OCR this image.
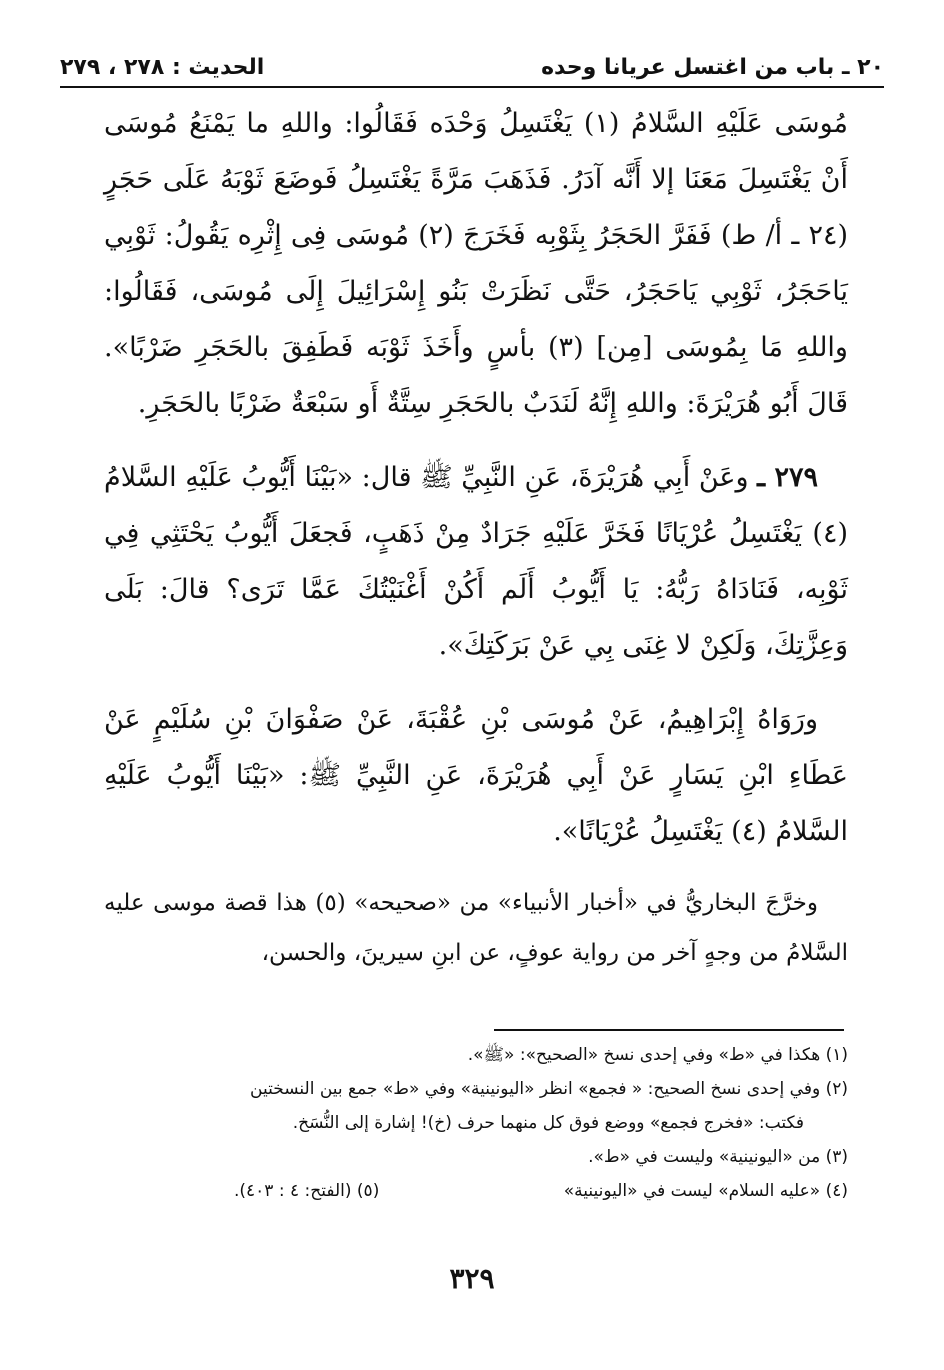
٢٠ ـ باب من اغتسل عريانا وحده
الحديث : ٢٧٨ ، ٢٧٩

مُوسَى عَلَيْهِ السَّلامُ (١) يَغْتَسِلُ وَحْدَه فَقَالُوا: واللهِ ما يَمْنَعُ مُوسَى أَنْ يَغْتَسِلَ مَعَنَا إلا أَنَّه آدَرُ. فَذَهَبَ مَرَّةً يَغْتَسِلُ فَوضَعَ ثَوْبَهُ عَلَى حَجَرٍ (٢٤ ـ أ/ ط) فَفَرَّ الحَجَرُ بِثَوْبِه فَخَرَجَ (٢) مُوسَى فِى إِثْرِه يَقُولُ: ثَوْبِي يَاحَجَرُ، ثَوْبِي يَاحَجَرُ، حَتَّى نَظَرَتْ بَنُو إِسْرَائِيلَ إِلَى مُوسَى، فَقَالُوا: واللهِ مَا بِمُوسَى [مِن] (٣) بأسٍ وأَخَذَ ثَوْبَه فَطَفِقَ بالحَجَرِ ضَرْبًا». قَالَ أَبُو هُرَيْرَةَ: واللهِ إِنَّهُ لَنَدَبٌ بالحَجَرِ سِتَّةٌ أَو سَبْعَةٌ ضَرْبًا بالحَجَرِ.

٢٧٩ ـ وعَنْ أَبِي هُرَيْرَةَ، عَنِ النَّبِيِّ ﷺ قال: «بَيْنَا أَيُّوبُ عَلَيْهِ السَّلامُ (٤) يَغْتَسِلُ عُرْيَانًا فَخَرَّ عَلَيْهِ جَرَادٌ مِنْ ذَهَبٍ، فَجعَلَ أَيُّوبُ يَحْتَثِي فِي ثَوْبِه، فَنَادَاهُ رَبُّهُ: يَا أَيُّوبُ أَلَم أَكُنْ أَغْنَيْتُكَ عَمَّا تَرَى؟ قالَ: بَلَى وَعِزَّتِكَ، وَلَكِنْ لا غِنَى بِي عَنْ بَرَكَتِكَ».

ورَوَاهُ إِبْرَاهِيمُ، عَنْ مُوسَى بْنِ عُقْبَةَ، عَنْ صَفْوَانَ بْنِ سُلَيْمٍ عَنْ عَطَاءِ ابْنِ يَسَارٍ عَنْ أَبِي هُرَيْرَةَ، عَنِ النَّبِيِّ ﷺ: «بَيْنَا أَيُّوبُ عَلَيْهِ السَّلامُ (٤) يَغْتَسِلُ عُرْيَانًا».

وخرَّجَ البخاريُّ في «أخبار الأنبياء» من «صحيحه» (٥) هذا قصة موسى عليه السَّلامُ من وجهٍ آخر من رواية عوفٍ، عن ابنِ سيرينَ، والحسن،

(١) هكذا في «ط» وفي إحدى نسخ «الصحيح»: «ﷺ».

(٢) وفي إحدى نسخ الصحيح: « فجمع» انظر «اليونينية» وفي «ط» جمع بين النسختين

فكتب: «فخرج فجمع» ووضع فوق كل منهما حرف (خ)! إشارة إلى النُّسَخ.

(٣) من «اليونينية» وليست في «ط».

(٤) «عليه السلام» ليست في «اليونينية»

(٥) (الفتح: ٤ : ٤٠٣).

٣٢٩
